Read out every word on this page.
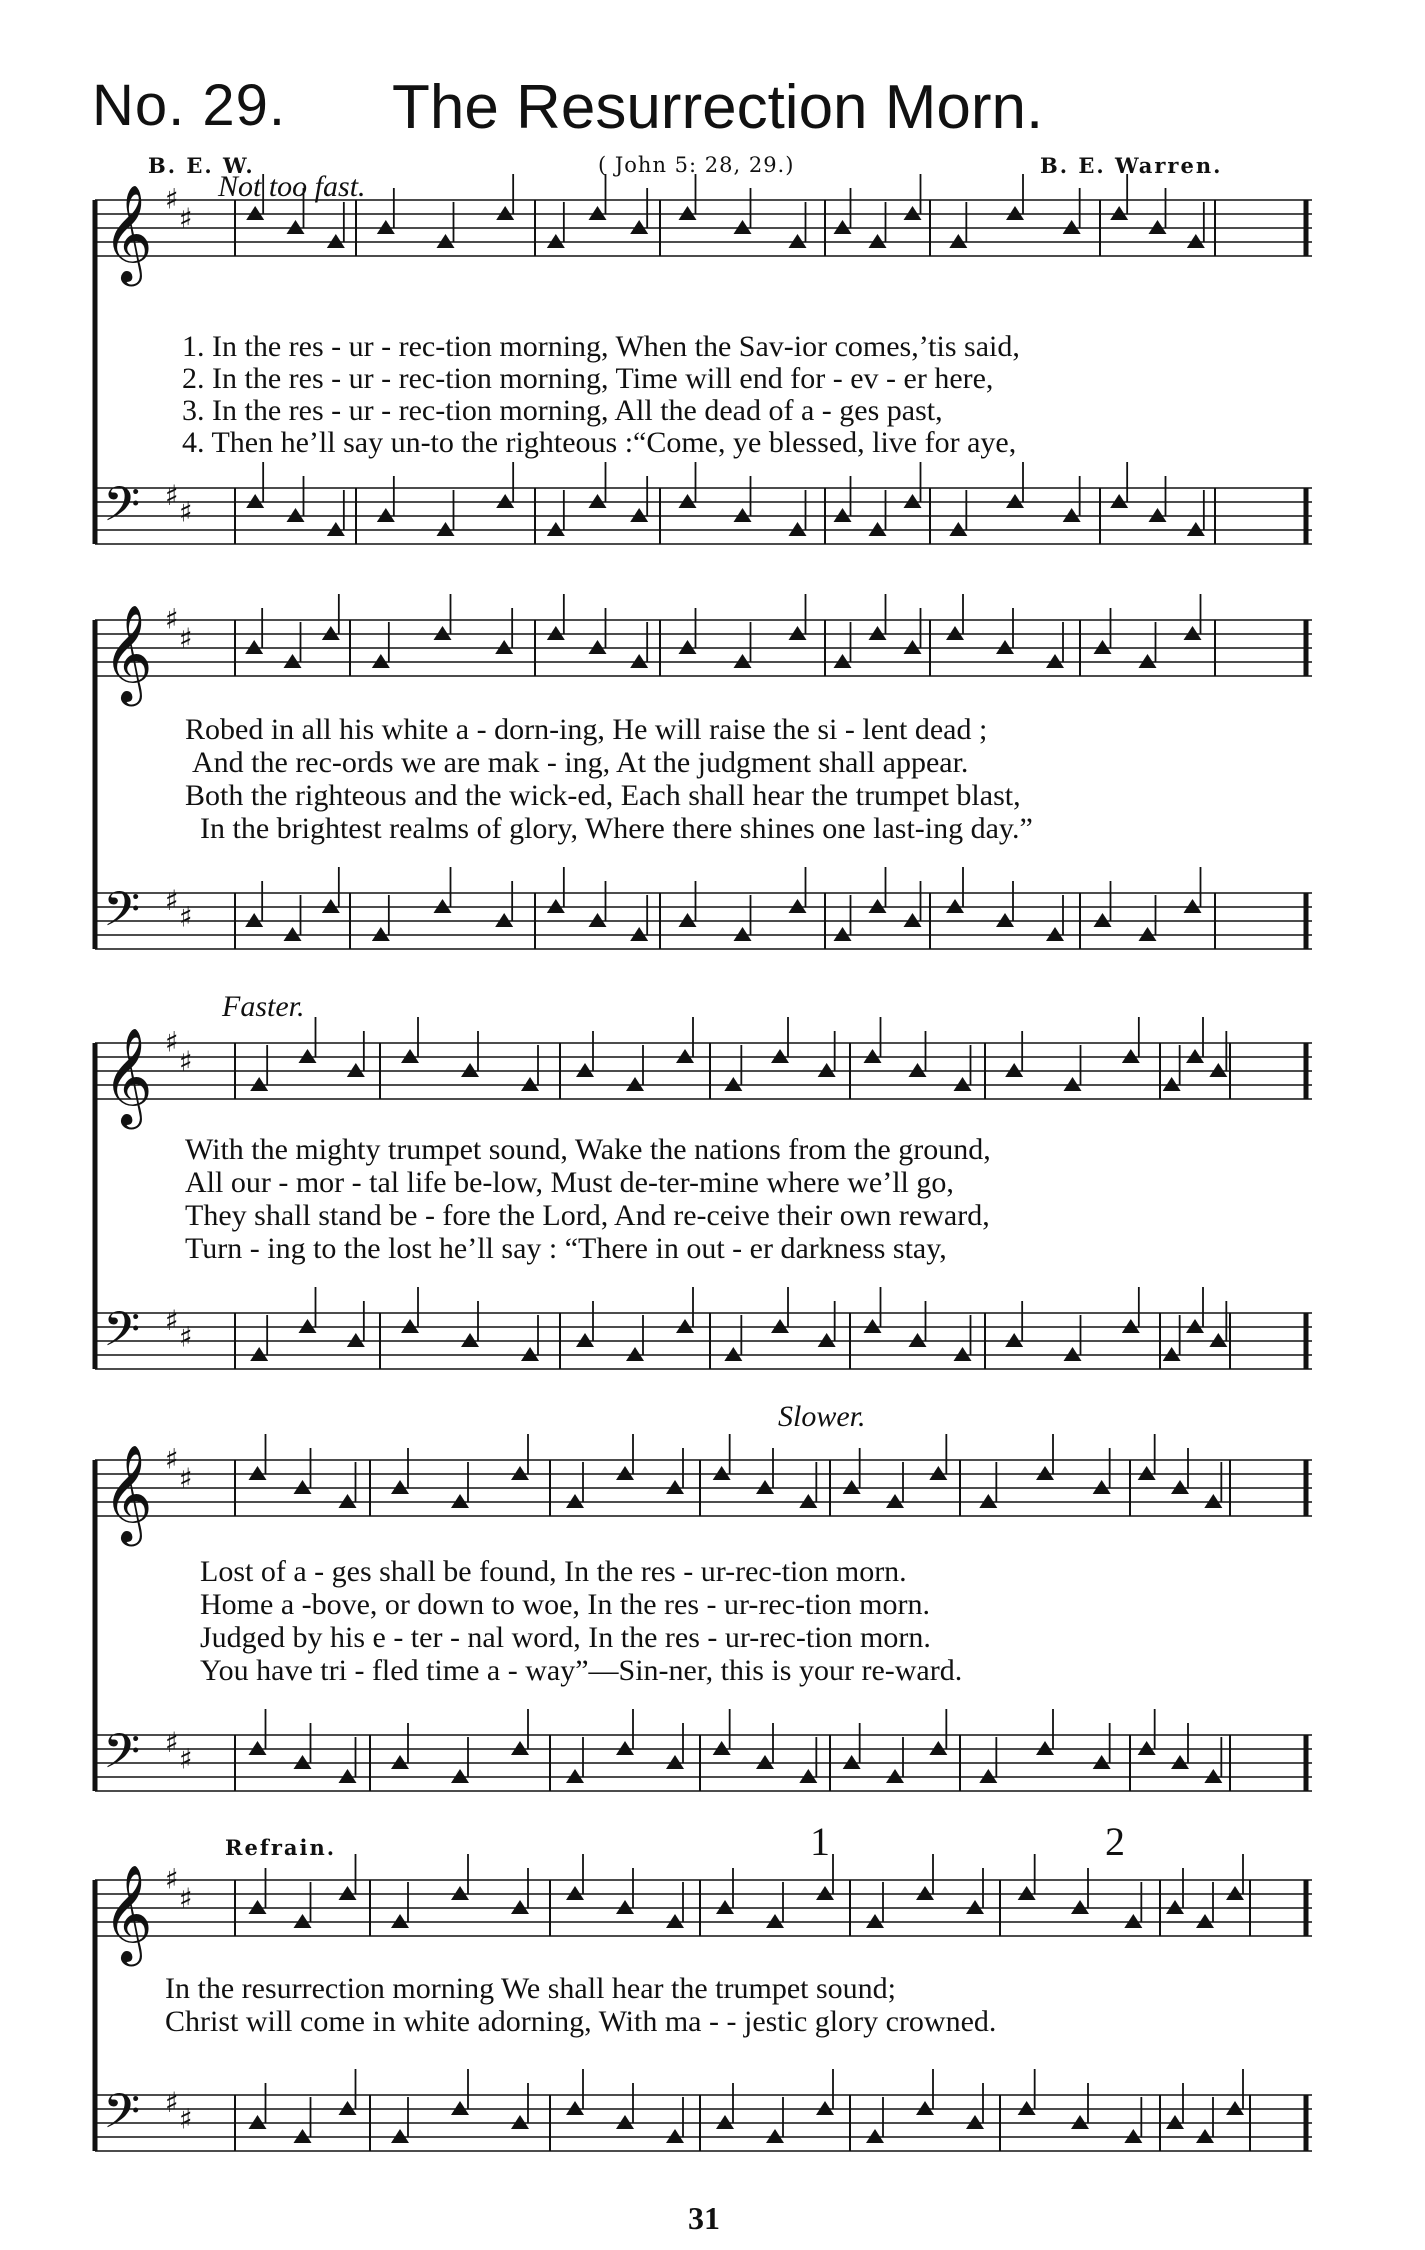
No. 29. The Resurrection Morn.
B. E. W.	( John 5: 28, 29.)	B. E. Warren.
Not too fast.
Faster.
Slower.
Refrain.	1	2
1. In the res - ur - rec-tion morning, When the Sav-ior comes,’tis said,
2. In the res - ur - rec-tion morning, Time will end for - ev - er here,
3. In the res - ur - rec-tion morning, All the dead of a - ges past,
4. Then he’ll say un-to the righteous :“Come, ye blessed, live for aye,
Robed in all his white a - dorn-ing, He will raise the si - lent dead ;
And the rec-ords we are mak - ing, At the judgment shall appear.
Both the righteous and the wick-ed, Each shall hear the trumpet blast,
In the brightest realms of glory, Where there shines one last-ing day.”
With the mighty trumpet sound, Wake the nations from the ground,
All our - mor - tal life be-low, Must de-ter-mine where we’ll go,
They shall stand be - fore the Lord, And re-ceive their own reward,
Turn - ing to the lost he’ll say : “There in out - er darkness stay,
Lost of a - ges shall be found, In the res - ur-rec-tion morn.
Home a -bove, or down to woe, In the res - ur-rec-tion morn.
Judged by his e - ter - nal word, In the res - ur-rec-tion morn.
You have tri - fled time a - way”—Sin-ner, this is your re-ward.
In the resurrection morning We shall hear the trumpet sound;
Christ will come in white adorning, With ma - - jestic glory crowned.
31
𝄞 ♯
♯
𝄢 ♯
♯
𝄞 ♯
♯
𝄢 ♯
♯
𝄞 ♯
♯
𝄢 ♯
♯
𝄞 ♯
♯
𝄢 ♯
♯
𝄞 ♯
♯
𝄢 ♯
♯
